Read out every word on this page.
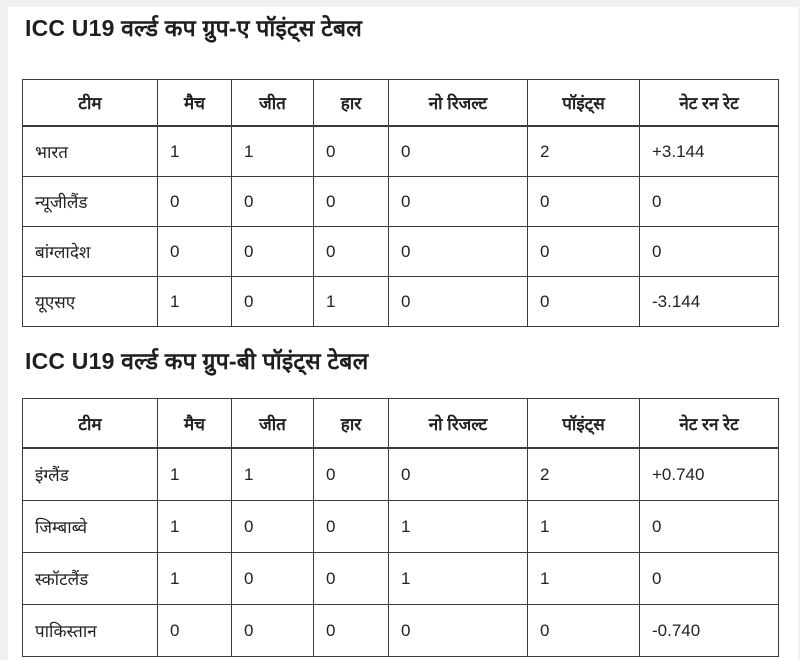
ICC U19 वर्ल्ड कप ग्रुप-ए पॉइंट्स टेबल
टीम	मैच	जीत	हार	नो रिजल्ट	पॉइंट्स	नेट रन रेट
भारत	1	1	0	0	2	+3.144
न्यूजीलैंड	0	0	0	0	0	0
बांग्लादेश	0	0	0	0	0	0
यूएसए	1	0	1	0	0	-3.144
ICC U19 वर्ल्ड कप ग्रुप-बी पॉइंट्स टेबल
टीम	मैच	जीत	हार	नो रिजल्ट	पॉइंट्स	नेट रन रेट
इंग्लैंड	1	1	0	0	2	+0.740
जिम्बाब्वे	1	0	0	1	1	0
स्कॉटलैंड	1	0	0	1	1	0
पाकिस्तान	0	0	0	0	0	-0.740
